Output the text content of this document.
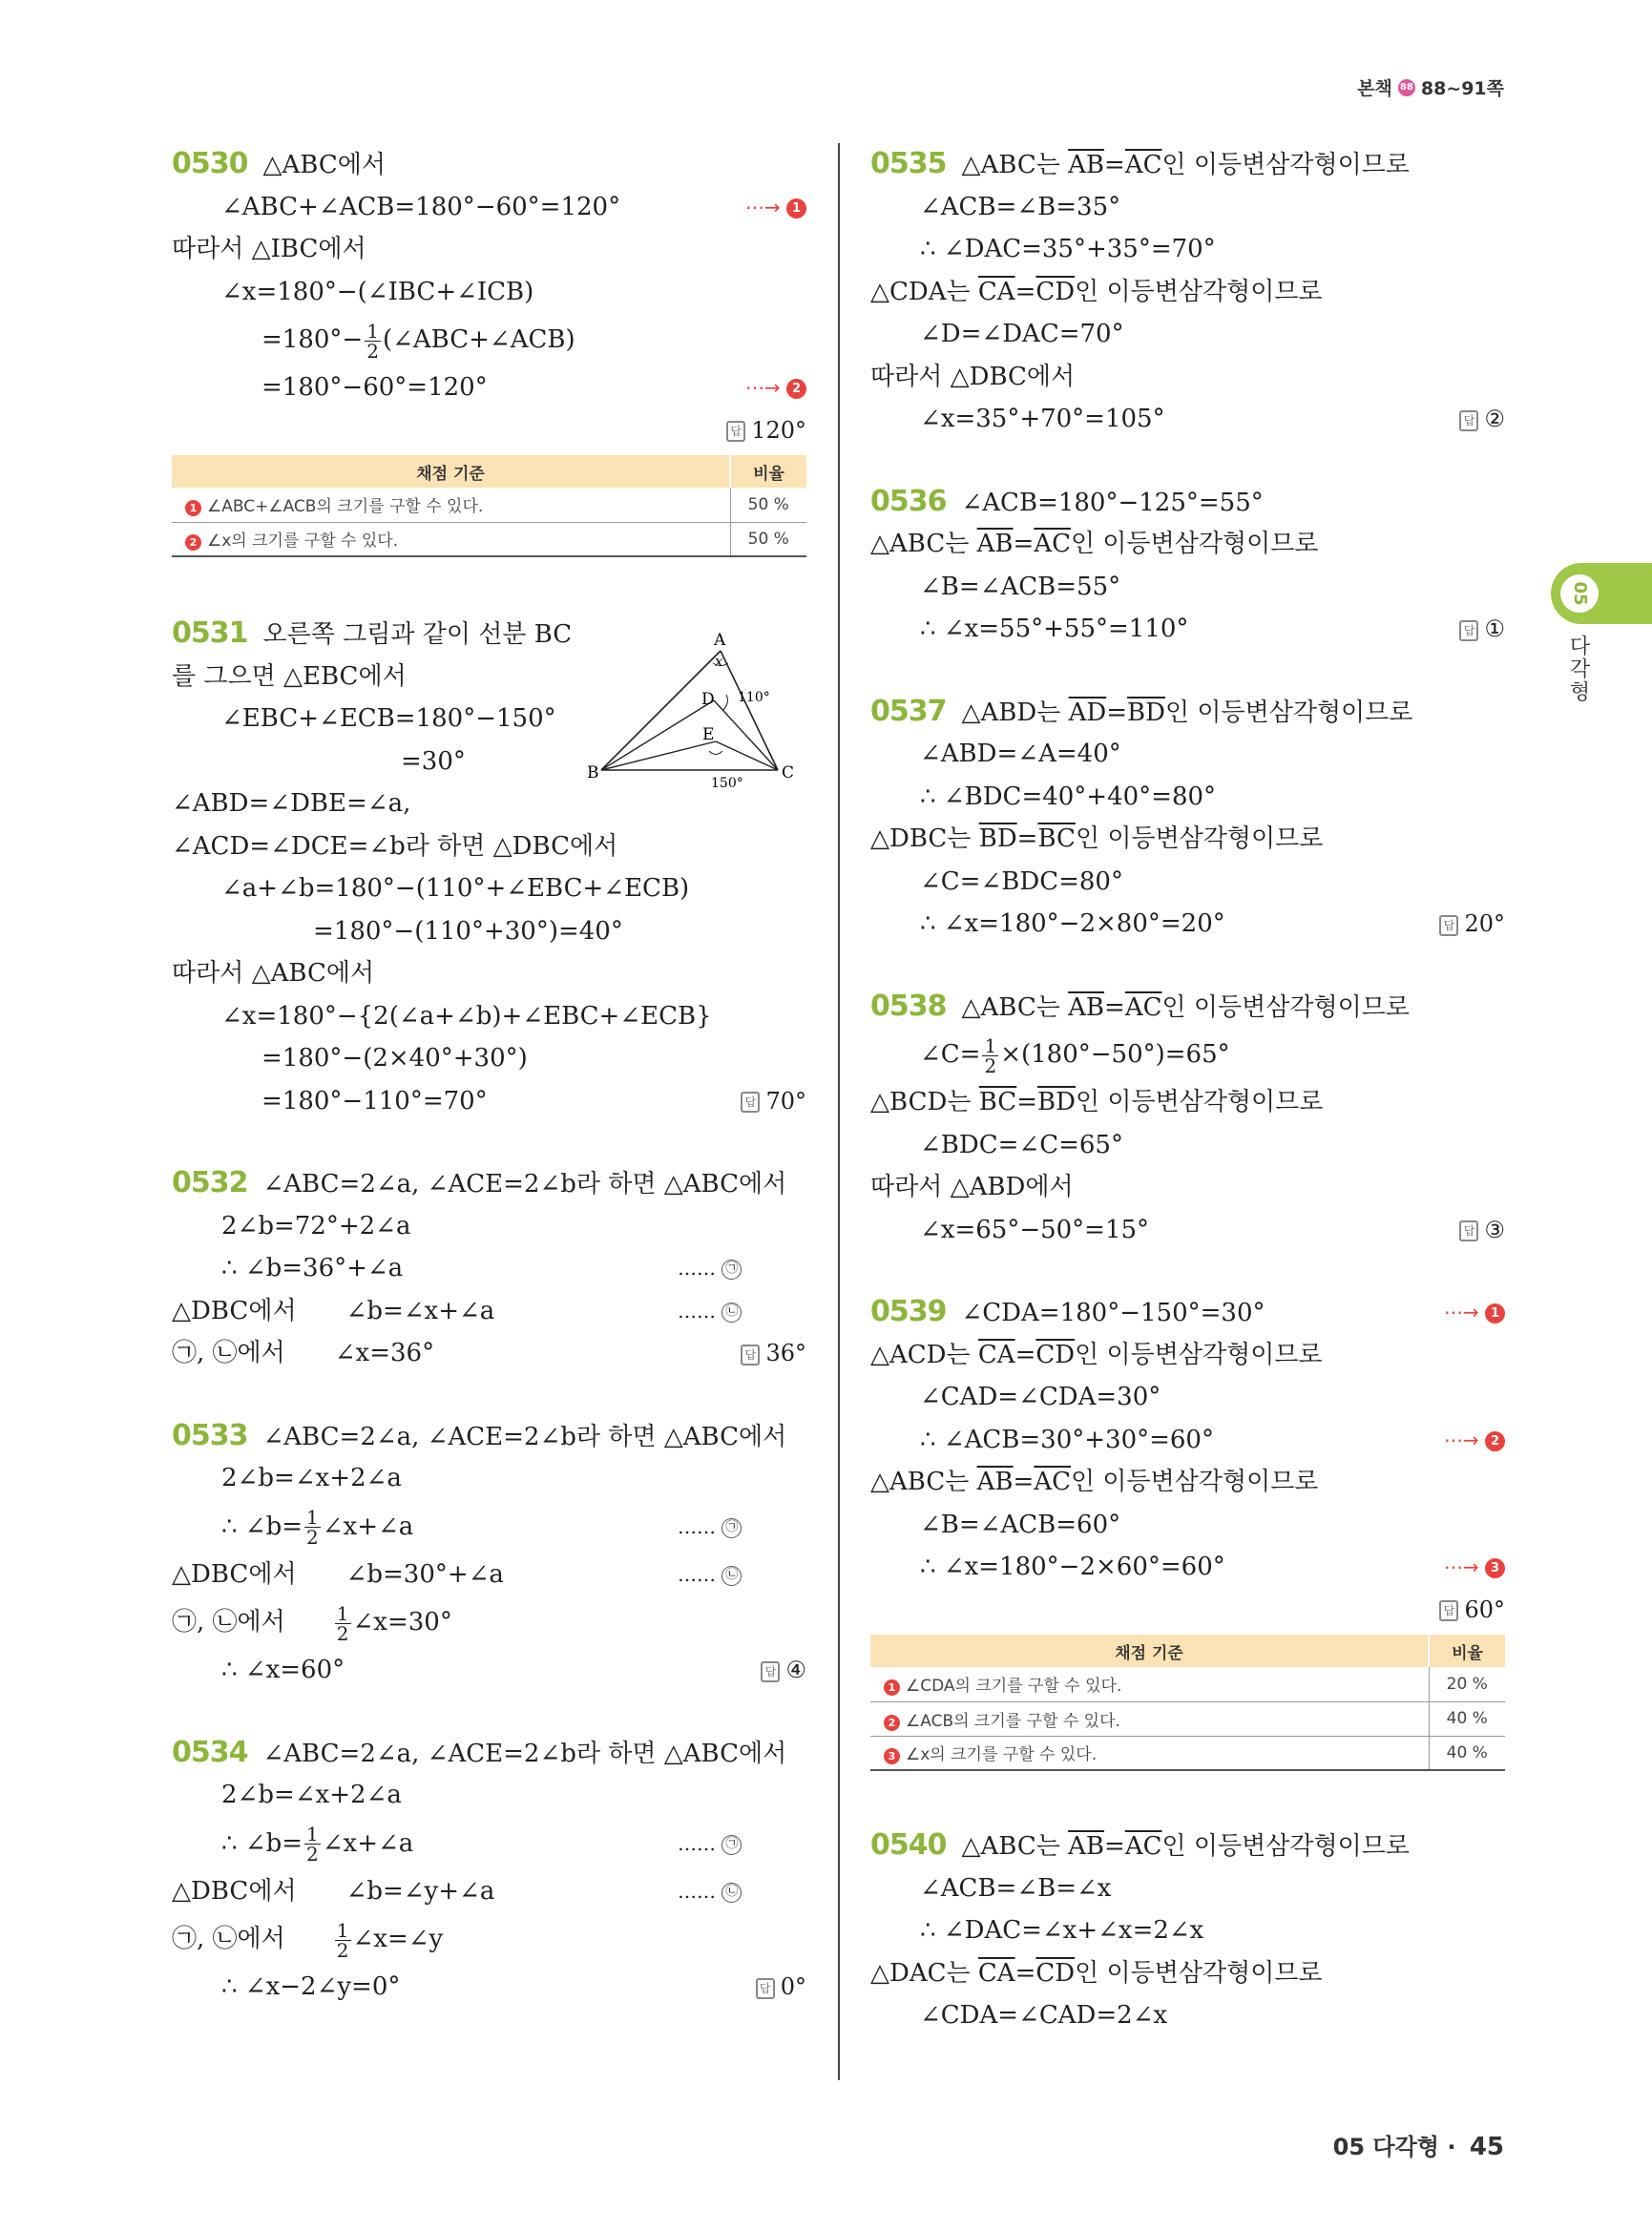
본책 88 88~91쪽
05
다각형
0530 △ABC에서
∠ABC+∠ACB=180°−60°=120°	⋯→ 1
따라서 △IBC에서
∠x=180°−(∠IBC+∠ICB)
$=180^\circ- \frac{1}{2}$ (∠ABC+∠ACB)
=180°−60°=120°	⋯→ 2
답 120°
채점 기준	비율
1 ∠ABC+∠ACB의 크기를 구할 수 있다.	50 %
2 ∠x의 크기를 구할 수 있다.	50 %
A
x
D 110°
E
B	C
150°
0531 오른쪽 그림과 같이 선분 BC
를 그으면 △EBC에서
∠EBC+∠ECB=180°−150°
=30°
∠ABD=∠DBE=∠a,
∠ACD=∠DCE=∠b라 하면 △DBC에서
∠a+∠b=180°−(110°+∠EBC+∠ECB)
=180°−(110°+30°)=40°
따라서 △ABC에서
∠x=180°−{2(∠a+∠b)+∠EBC+∠ECB}
=180°−(2×40°+30°)
=180°−110°=70°	답 70°
0532 ∠ABC=2∠a, ∠ACE=2∠b라 하면 △ABC에서
2∠b=72°+2∠a
∴ ∠b=36°+∠a	…… ㉠
△DBC에서 ∠b=∠x+∠a	…… ㉡
㉠, ㉡에서 ∠x=36°	답 36°
0533 ∠ABC=2∠a, ∠ACE=2∠b라 하면 △ABC에서
2∠b=∠x+2∠a
∴ ∠b= $\frac{1}{2}$ ∠x+∠a	…… ㉠
△DBC에서 ∠b=30°+∠a	…… ㉡
㉠, ㉡에서	$\frac{1}{2}$ ∠x=30°
∴ ∠x=60°	답 ④
0534 ∠ABC=2∠a, ∠ACE=2∠b라 하면 △ABC에서
2∠b=∠x+2∠a
∴ ∠b= $\frac{1}{2}$ ∠x+∠a	…… ㉠
△DBC에서 ∠b=∠y+∠a	…… ㉡
㉠, ㉡에서	$\frac{1}{2}$ ∠x=∠y
∴ ∠x−2∠y=0°	답 0°
0535 △ABC는 $\overline{AB}=\overline{AC}$인 이등변삼각형이므로
∠ACB=∠B=35°
∴ ∠DAC=35°+35°=70°
△CDA는 $\overline{CA}=\overline{CD}$인 이등변삼각형이므로
∠D=∠DAC=70°
따라서 △DBC에서
∠x=35°+70°=105°	답 ②
0536 ∠ACB=180°−125°=55°
△ABC는 $\overline{AB}=\overline{AC}$인 이등변삼각형이므로
∠B=∠ACB=55°
∴ ∠x=55°+55°=110°	답 ①
0537 △ABD는 $\overline{AD}=\overline{BD}$인 이등변삼각형이므로
∠ABD=∠A=40°
∴ ∠BDC=40°+40°=80°
△DBC는 $\overline{BD}=\overline{BC}$인 이등변삼각형이므로
∠C=∠BDC=80°
∴ ∠x=180°−2×80°=20°	답 20°
0538 △ABC는 $\overline{AB}=\overline{AC}$인 이등변삼각형이므로
∠C= $\frac{1}{2} \times(180^\circ-50^\circ)=65^\circ$
△BCD는 $\overline{BC}=\overline{BD}$인 이등변삼각형이므로
∠BDC=∠C=65°
따라서 △ABD에서
∠x=65°−50°=15°	답 ③
0539 ∠CDA=180°−150°=30°	⋯→ 1
△ACD는 $\overline{CA}=\overline{CD}$인 이등변삼각형이므로
∠CAD=∠CDA=30°
∴ ∠ACB=30°+30°=60°	⋯→ 2
△ABC는 $\overline{AB}=\overline{AC}$인 이등변삼각형이므로
∠B=∠ACB=60°
∴ ∠x=180°−2×60°=60°	⋯→ 3
답 60°
채점 기준	비율
1 ∠CDA의 크기를 구할 수 있다.	20 %
2 ∠ACB의 크기를 구할 수 있다.	40 %
3 ∠x의 크기를 구할 수 있다.	40 %
0540 △ABC는 $\overline{AB}=\overline{AC}$인 이등변삼각형이므로
∠ACB=∠B=∠x
∴ ∠DAC=∠x+∠x=2∠x
△DAC는 $\overline{CA}=\overline{CD}$인 이등변삼각형이므로
∠CDA=∠CAD=2∠x
05 다각형 · 45
